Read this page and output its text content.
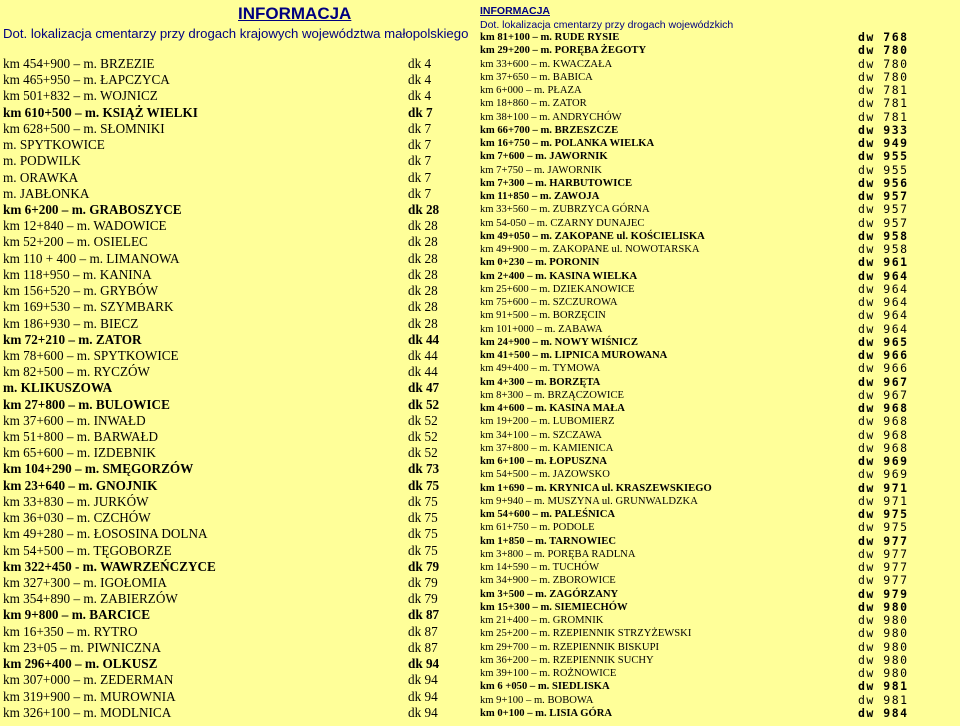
INFORMACJA
Dot. lokalizacja cmentarzy przy drogach krajowych województwa małopolskiego
km 454+900 – m. BRZEZIE	dk 4
km 465+950 – m. ŁAPCZYCA	dk 4
km 501+832 – m. WOJNICZ	dk 4
km 610+500 – m. KSIĄŻ WIELKI	dk 7
km 628+500 – m. SŁOMNIKI	dk 7
m. SPYTKOWICE	dk 7
m. PODWILK	dk 7
m. ORAWKA	dk 7
m. JABŁONKA	dk 7
km 6+200 – m. GRABOSZYCE	dk 28
km 12+840 – m. WADOWICE	dk 28
km 52+200 – m. OSIELEC	dk 28
km 110 + 400 – m. LIMANOWA	dk 28
km 118+950 – m. KANINA	dk 28
km 156+520 – m. GRYBÓW	dk 28
km 169+530 – m. SZYMBARK	dk 28
km 186+930 – m. BIECZ	dk 28
km 72+210 – m. ZATOR	dk 44
km 78+600 – m. SPYTKOWICE	dk 44
km 82+500 – m. RYCZÓW	dk 44
m. KLIKUSZOWA	dk 47
km 27+800 – m. BULOWICE	dk 52
km 37+600 – m. INWAŁD	dk 52
km 51+800 – m. BARWAŁD	dk 52
km 65+600 – m. IZDEBNIK	dk 52
km 104+290 – m. SMĘGORZÓW	dk 73
km 23+640 – m. GNOJNIK	dk 75
km 33+830 – m. JURKÓW	dk 75
km 36+030 – m. CZCHÓW	dk 75
km 49+280 – m. ŁOSOSINA DOLNA	dk 75
km 54+500 – m. TĘGOBORZE	dk 75
km 322+450 - m. WAWRZEŃCZYCE	dk 79
km 327+300 – m. IGOŁOMIA	dk 79
km 354+890 – m. ZABIERZÓW	dk 79
km 9+800 – m. BARCICE	dk 87
km 16+350 – m. RYTRO	dk 87
km 23+05 – m. PIWNICZNA	dk 87
km 296+400 – m. OLKUSZ	dk 94
km 307+000 – m. ZEDERMAN	dk 94
km 319+900 – m. MUROWNIA	dk 94
km 326+100 – m. MODLNICA	dk 94
INFORMACJA
Dot. lokalizacja cmentarzy przy drogach wojewódzkich
km 81+100 – m. RUDE RYSIE	dw 768
km 29+200 – m. PORĘBA ŻEGOTY	dw 780
km 33+600 – m. KWACZAŁA	dw 780
km 37+650 – m. BABICA	dw 780
km 6+000 – m. PŁAZA	dw 781
km 18+860 – m. ZATOR	dw 781
km 38+100 – m. ANDRYCHÓW	dw 781
km 66+700 – m. BRZESZCZE	dw 933
km 16+750 – m. POLANKA WIELKA	dw 949
km 7+600 – m. JAWORNIK	dw 955
km 7+750 – m. JAWORNIK	dw 955
km 7+300 – m. HARBUTOWICE	dw 956
km 11+850 – m. ZAWOJA	dw 957
km 33+560 – m. ZUBRZYCA GÓRNA	dw 957
km 54-050 – m. CZARNY DUNAJEC	dw 957
km 49+050 – m. ZAKOPANE ul. KOŚCIELISKA	dw 958
km 49+900 – m. ZAKOPANE ul. NOWOTARSKA	dw 958
km 0+230 – m. PORONIN	dw 961
km 2+400 – m. KASINA WIELKA	dw 964
km 25+600 – m. DZIEKANOWICE	dw 964
km 75+600 – m. SZCZUROWA	dw 964
km 91+500 – m. BORZĘCIN	dw 964
km 101+000 – m. ZABAWA	dw 964
km 24+900 – m. NOWY WIŚNICZ	dw 965
km 41+500 – m. LIPNICA MUROWANA	dw 966
km 49+400 – m. TYMOWA	dw 966
km 4+300 – m. BORZĘTA	dw 967
km 8+300 – m. BRZĄCZOWICE	dw 967
km 4+600 – m. KASINA MAŁA	dw 968
km 19+200 – m. LUBOMIERZ	dw 968
km 34+100 – m. SZCZAWA	dw 968
km 37+800 – m. KAMIENICA	dw 968
km 6+100 – m. ŁOPUSZNA	dw 969
km 54+500 – m. JAZOWSKO	dw 969
km 1+690 – m. KRYNICA ul. KRASZEWSKIEGO	dw 971
km 9+940 – m. MUSZYNA ul. GRUNWALDZKA	dw 971
km 54+600 – m. PALEŚNICA	dw 975
km 61+750 – m. PODOLE	dw 975
km 1+850 – m. TARNOWIEC	dw 977
km 3+800 – m. PORĘBA RADLNA	dw 977
km 14+590 – m. TUCHÓW	dw 977
km 34+900 – m. ZBOROWICE	dw 977
km 3+500 – m. ZAGÓRZANY	dw 979
km 15+300 – m. SIEMIECHÓW	dw 980
km 21+400 – m. GROMNIK	dw 980
km 25+200 – m. RZEPIENNIK STRZYŻEWSKI	dw 980
km 29+700 – m. RZEPIENNIK BISKUPI	dw 980
km 36+200 – m. RZEPIENNIK SUCHY	dw 980
km 39+100 – m. ROŻNOWICE	dw 980
km 6 +050 – m. SIEDLISKA	dw 981
km 9+100 – m. BOBOWA	dw 981
km 0+100 – m. LISIA GÓRA	dw 984
